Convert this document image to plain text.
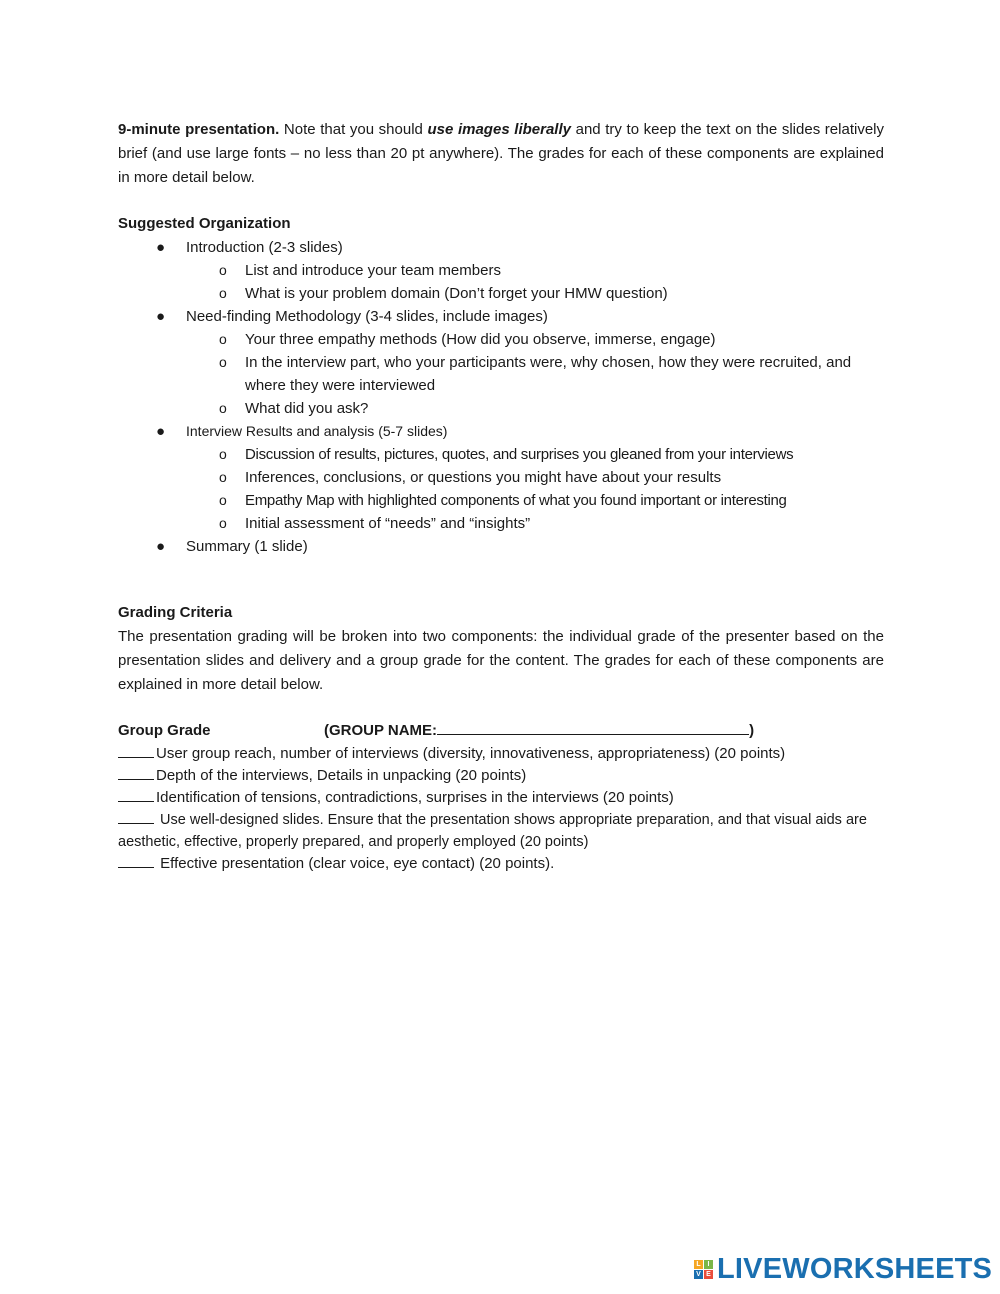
9-minute presentation. Note that you should use images liberally and try to keep the text on the slides relatively brief (and use large fonts – no less than 20 pt anywhere). The grades for each of these components are explained in more detail below.

Suggested Organization
● Introduction (2-3 slides)
o List and introduce your team members
o What is your problem domain (Don’t forget your HMW question)
● Need-finding Methodology (3-4 slides, include images)
o Your three empathy methods (How did you observe, immerse, engage)
o In the interview part, who your participants were, why chosen, how they were recruited, and where they were interviewed
o What did you ask?
● Interview Results and analysis (5-7 slides)
o Discussion of results, pictures, quotes, and surprises you gleaned from your interviews
o Inferences, conclusions, or questions you might have about your results
o Empathy Map with highlighted components of what you found important or interesting
o Initial assessment of “needs” and “insights”
● Summary (1 slide)
Grading Criteria

The presentation grading will be broken into two components: the individual grade of the presenter based on the presentation slides and delivery and a group grade for the content. The grades for each of these components are explained in more detail below.

Group Grade	(GROUP NAME:	)

User group reach, number of interviews (diversity, innovativeness, appropriateness) (20 points)

Depth of the interviews, Details in unpacking (20 points)

Identification of tensions, contradictions, surprises in the interviews (20 points)

Use well-designed slides. Ensure that the presentation shows appropriate preparation, and that visual aids are aesthetic, effective, properly prepared, and properly employed (20 points)

Effective presentation (clear voice, eye contact) (20 points).

L I
V E LIVEWORKSHEETS
